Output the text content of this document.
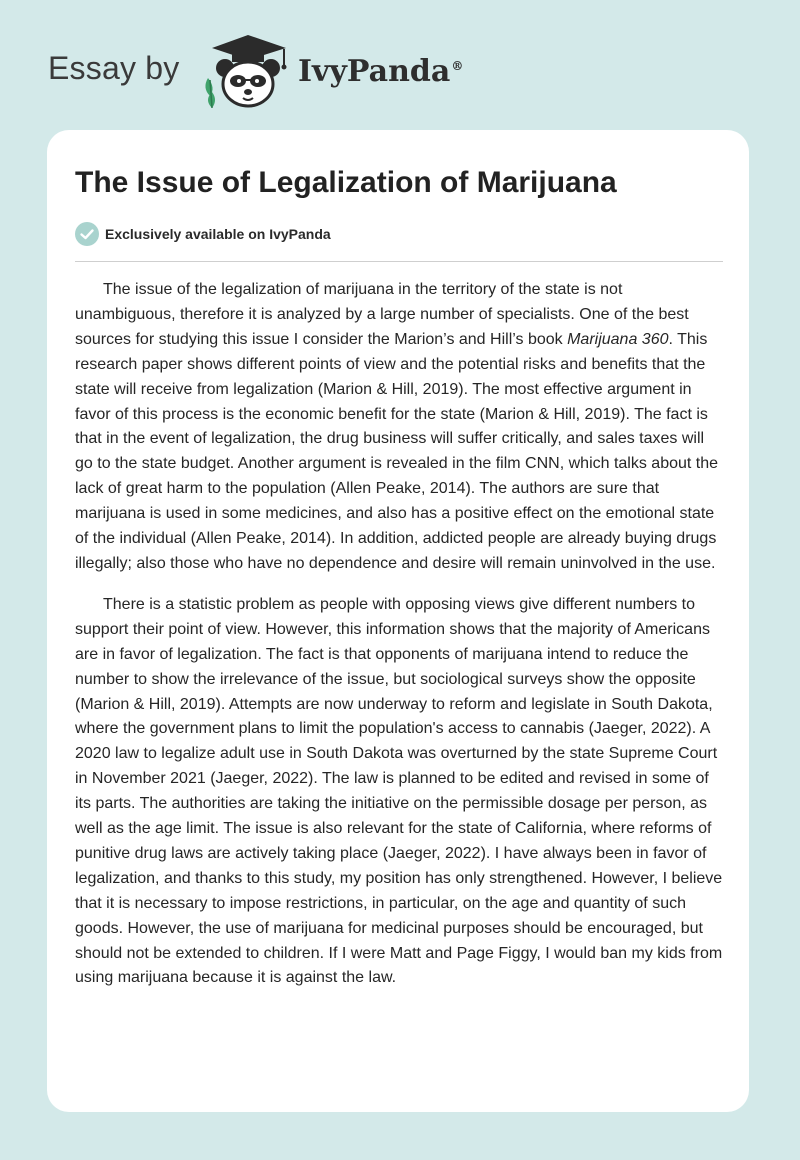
Essay by	IvyPanda®
The Issue of Legalization of Marijuana
Exclusively available on IvyPanda

The issue of the legalization of marijuana in the territory of the state is not unambiguous, therefore it is analyzed by a large number of specialists. One of the best sources for studying this issue I consider the Marion’s and Hill’s book Marijuana 360. This research paper shows different points of view and the potential risks and benefits that the state will receive from legalization (Marion & Hill, 2019). The most effective argument in favor of this process is the economic benefit for the state (Marion & Hill, 2019). The fact is that in the event of legalization, the drug business will suffer critically, and sales taxes will go to the state budget. Another argument is revealed in the film CNN, which talks about the lack of great harm to the population (Allen Peake, 2014). The authors are sure that marijuana is used in some medicines, and also has a positive effect on the emotional state of the individual (Allen Peake, 2014). In addition, addicted people are already buying drugs illegally; also those who have no dependence and desire will remain uninvolved in the use.

There is a statistic problem as people with opposing views give different numbers to support their point of view. However, this information shows that the majority of Americans are in favor of legalization. The fact is that opponents of marijuana intend to reduce the number to show the irrelevance of the issue, but sociological surveys show the opposite (Marion & Hill, 2019). Attempts are now underway to reform and legislate in South Dakota, where the government plans to limit the population's access to cannabis (Jaeger, 2022). A 2020 law to legalize adult use in South Dakota was overturned by the state Supreme Court in November 2021 (Jaeger, 2022). The law is planned to be edited and revised in some of its parts. The authorities are taking the initiative on the permissible dosage per person, as well as the age limit. The issue is also relevant for the state of California, where reforms of punitive drug laws are actively taking place (Jaeger, 2022). I have always been in favor of legalization, and thanks to this study, my position has only strengthened. However, I believe that it is necessary to impose restrictions, in particular, on the age and quantity of such goods. However, the use of marijuana for medicinal purposes should be encouraged, but should not be extended to children. If I were Matt and Page Figgy, I would ban my kids from using marijuana because it is against the law.
